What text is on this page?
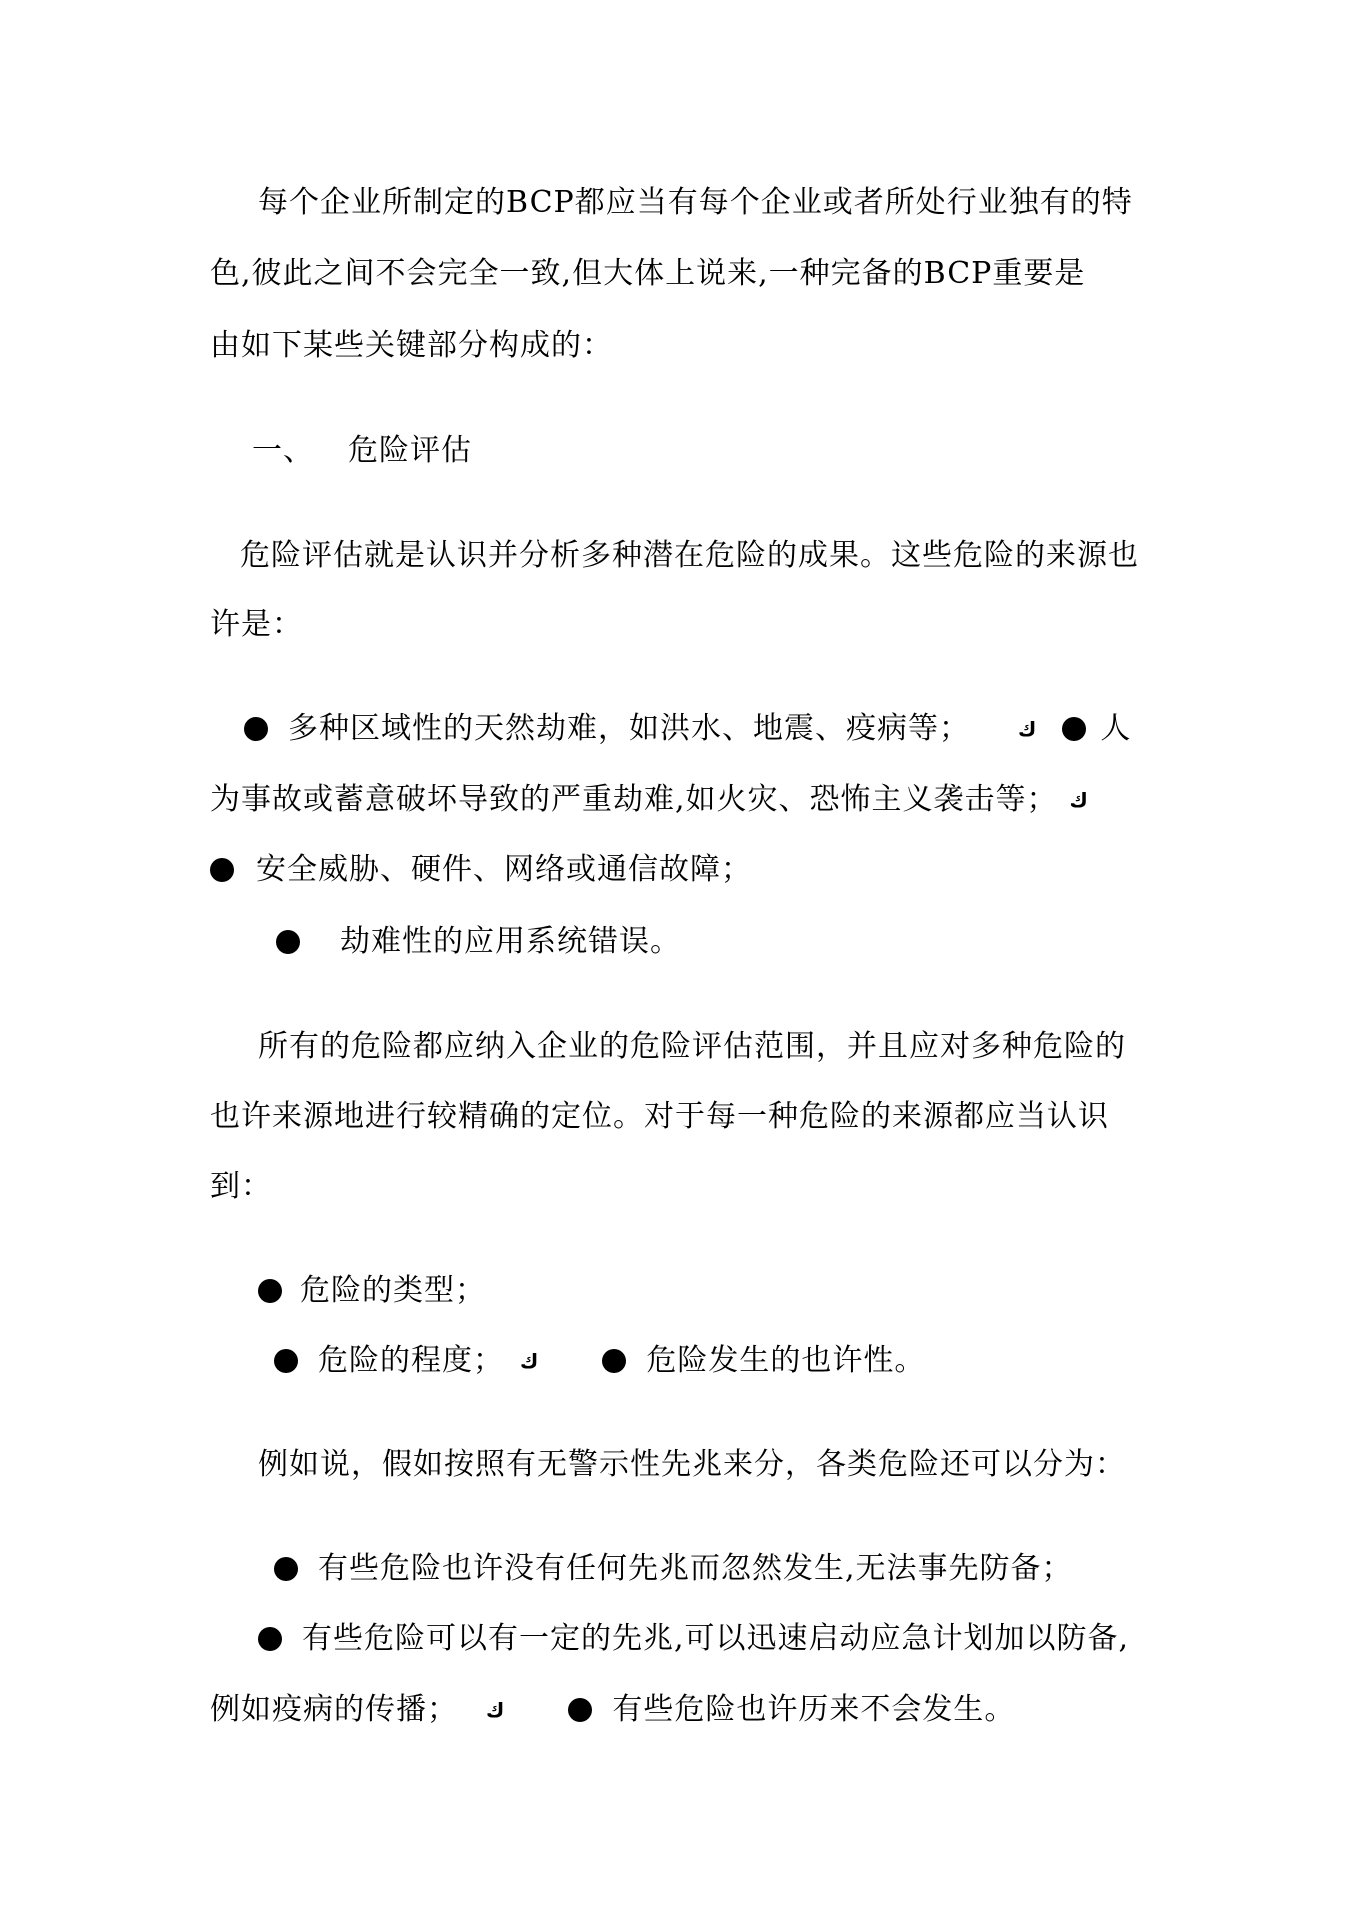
每个企业所制定的BCP都应当有每个企业或者所处行业独有的特
色,彼此之间不会完全一致,但大体上说来,一种完备的BCP重要是
由如下某些关键部分构成的：
一、 危险评估
危险评估就是认识并分析多种潜在危险的成果。这些危险的来源也
许是：
多种区域性的天然劫难，如洪水、地震、疫病等； ك 人
为事故或蓄意破坏导致的严重劫难,如火灾、恐怖主义袭击等； ك
安全威胁、硬件、网络或通信故障；
劫难性的应用系统错误。
所有的危险都应纳入企业的危险评估范围，并且应对多种危险的
也许来源地进行较精确的定位。对于每一种危险的来源都应当认识
到：
危险的类型；
危险的程度； ك	危险发生的也许性。
例如说，假如按照有无警示性先兆来分，各类危险还可以分为：
有些危险也许没有任何先兆而忽然发生,无法事先防备；
有些危险可以有一定的先兆,可以迅速启动应急计划加以防备,
例如疫病的传播； ك	有些危险也许历来不会发生。
